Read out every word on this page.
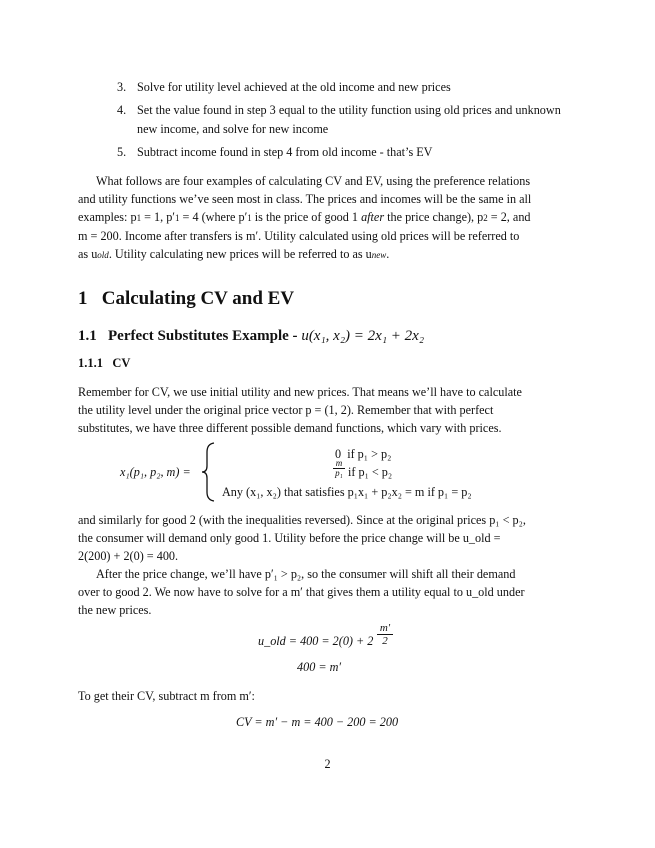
3. Solve for utility level achieved at the old income and new prices
4. Set the value found in step 3 equal to the utility function using old prices and unknown new income, and solve for new income
5. Subtract income found in step 4 from old income - that’s EV
What follows are four examples of calculating CV and EV, using the preference relations
and utility functions we’ve seen most in class. The prices and incomes will be the same in all
examples: p1 = 1, p′1 = 4 (where p′1 is the price of good 1 after the price change), p2 = 2, and
m = 200. Income after transfers is m′. Utility calculated using old prices will be referred to
as uold. Utility calculating new prices will be referred to as unew.
1 Calculating CV and EV
1.1 Perfect Substitutes Example - u(x₁, x₂) = 2x₁ + 2x₂
1.1.1 CV
Remember for CV, we use initial utility and new prices. That means we’ll have to calculate
the utility level under the original price vector p = (1, 2). Remember that with perfect
substitutes, we have three different possible demand functions, which vary with prices.
x₁(p₁, p₂, m) =
0 if p₁ > p₂
$\frac{m}{\text{p₁}}$ if p₁ < p₂
Any (x₁, x₂) that satisfies p₁x₁ + p₂x₂ = m if p₁ = p₂
and similarly for good 2 (with the inequalities reversed). Since at the original prices p₁ < p₂,
the consumer will demand only good 1. Utility before the price change will be u_old =
2(200) + 2(0) = 400.
After the price change, we’ll have p′₁ > p₂, so the consumer will shift all their demand
over to good 2. We now have to solve for a m′ that gives them a utility equal to u_old under
the new prices.
u_old = $400 = 2(0) + 2 \frac{m'}{2}$
400 = m′
To get their CV, subtract m from m′:
CV = m′ − m = 400 − 200 = 200
2
